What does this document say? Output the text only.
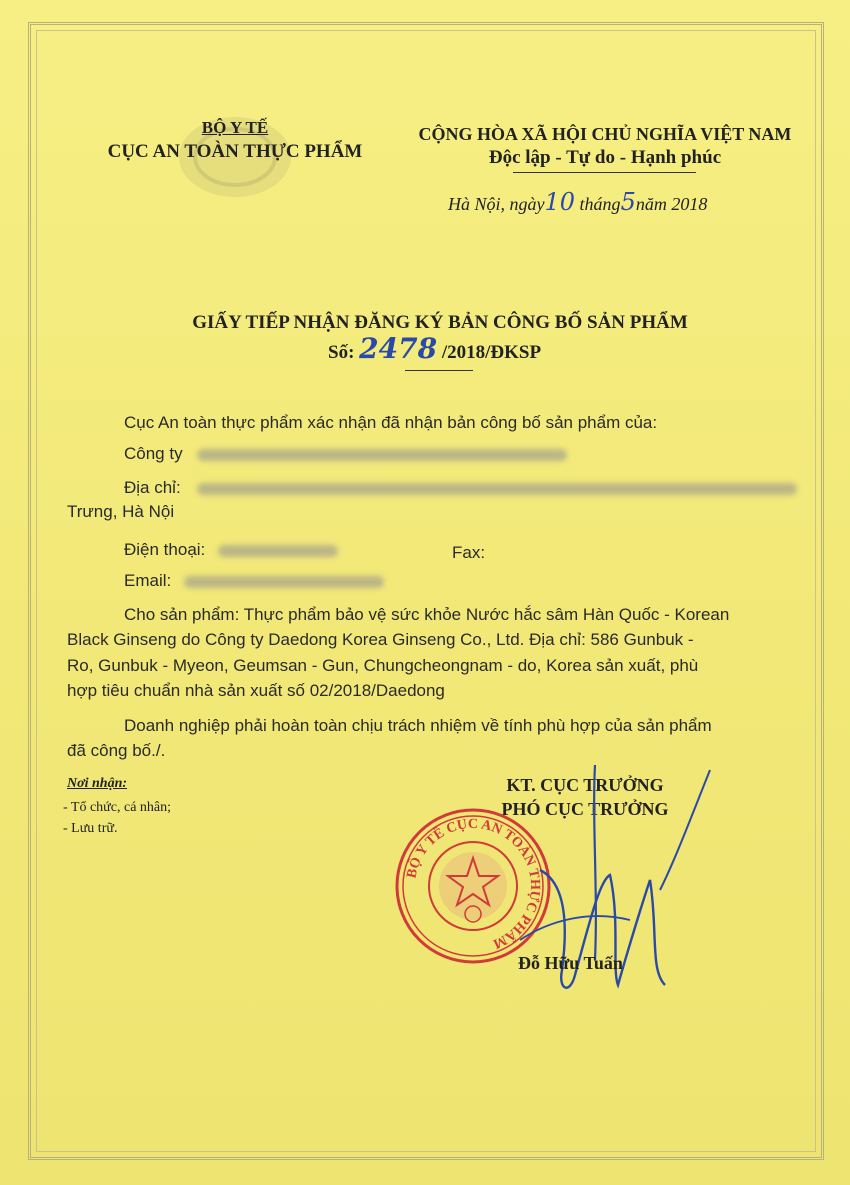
BỘ Y TẾ
CỤC AN TOÀN THỰC PHẨM
CỘNG HÒA XÃ HỘI CHỦ NGHĨA VIỆT NAM
Độc lập - Tự do - Hạnh phúc
Hà Nội, ngày10 tháng5năm 2018
GIẤY TIẾP NHẬN ĐĂNG KÝ BẢN CÔNG BỐ SẢN PHẨM
Số: 2478 /2018/ĐKSP
Cục An toàn thực phẩm xác nhận đã nhận bản công bố sản phẩm của:
Công ty
Địa chỉ:
Trưng, Hà Nội
Điện thoại:	Fax:
Email:
Cho sản phẩm: Thực phẩm bảo vệ sức khỏe Nước hắc sâm Hàn Quốc - Korean
Black Ginseng do Công ty Daedong Korea Ginseng Co., Ltd. Địa chỉ: 586 Gunbuk -
Ro, Gunbuk - Myeon, Geumsan - Gun, Chungcheongnam - do, Korea sản xuất, phù
hợp tiêu chuẩn nhà sản xuất số 02/2018/Daedong
Doanh nghiệp phải hoàn toàn chịu trách nhiệm về tính phù hợp của sản phẩm
đã công bố./.
Nơi nhận:
- Tổ chức, cá nhân;
- Lưu trữ.
KT. CỤC TRƯỞNG
PHÓ CỤC TRƯỞNG
BỘ Y TẾ CỤC AN TOÀN THỰC PHẨM
Đỗ Hữu Tuấn
